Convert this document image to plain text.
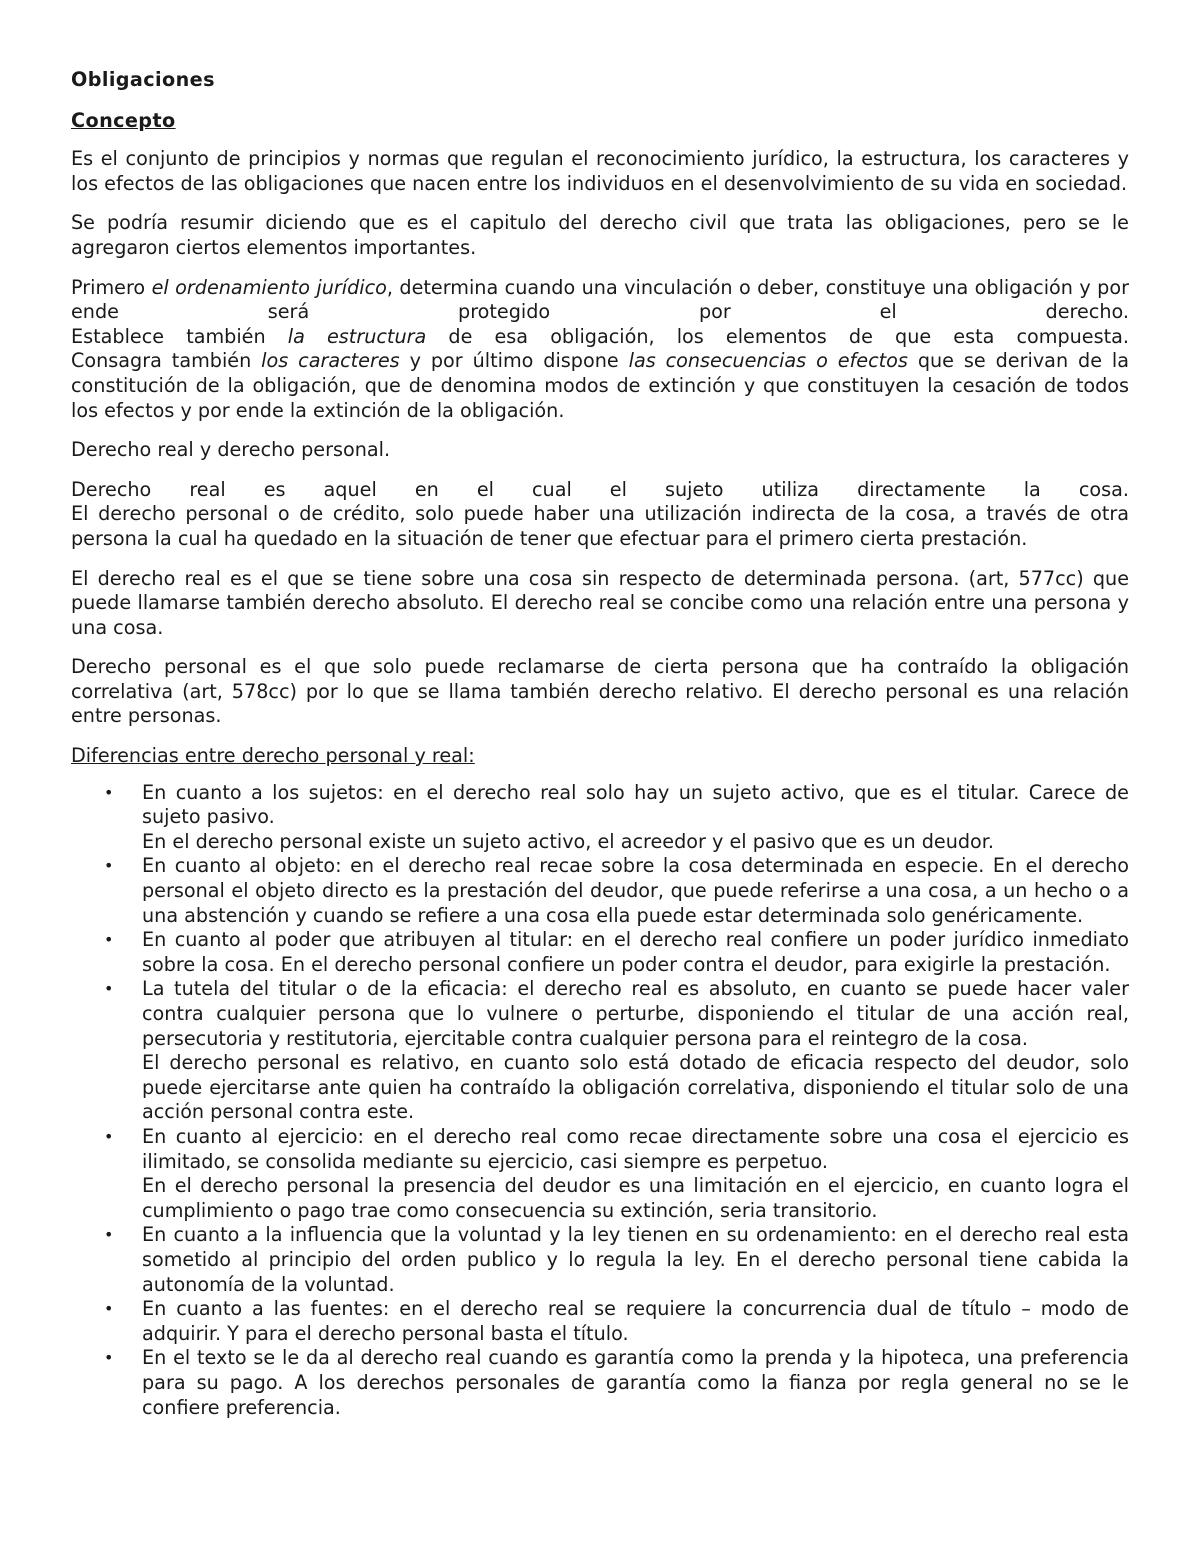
Obligaciones
Concepto

Es el conjunto de principios y normas que regulan el reconocimiento jurídico, la estructura, los caracteres y los efectos de las obligaciones que nacen entre los individuos en el desenvolvimiento de su vida en sociedad.

Se podría resumir diciendo que es el capitulo del derecho civil que trata las obligaciones, pero se le agregaron ciertos elementos importantes.

Primero el ordenamiento jurídico, determina cuando una vinculación o deber, constituye una obligación y por ende será protegido por el derecho.

Establece también la estructura de esa obligación, los elementos de que esta compuesta.

Consagra también los caracteres y por último dispone las consecuencias o efectos que se derivan de la constitución de la obligación, que de denomina modos de extinción y que constituyen la cesación de todos los efectos y por ende la extinción de la obligación.

Derecho real y derecho personal.

Derecho real es aquel en el cual el sujeto utiliza directamente la cosa.

El derecho personal o de crédito, solo puede haber una utilización indirecta de la cosa, a través de otra persona la cual ha quedado en la situación de tener que efectuar para el primero cierta prestación.

El derecho real es el que se tiene sobre una cosa sin respecto de determinada persona. (art, 577cc) que puede llamarse también derecho absoluto. El derecho real se concibe como una relación entre una persona y una cosa.

Derecho personal es el que solo puede reclamarse de cierta persona que ha contraído la obligación correlativa (art, 578cc) por lo que se llama también derecho relativo. El derecho personal es una relación entre personas.

Diferencias entre derecho personal y real:
• En cuanto a los sujetos: en el derecho real solo hay un sujeto activo, que es el titular. Carece de sujeto pasivo.
En el derecho personal existe un sujeto activo, el acreedor y el pasivo que es un deudor.
• En cuanto al objeto: en el derecho real recae sobre la cosa determinada en especie. En el derecho personal el objeto directo es la prestación del deudor, que puede referirse a una cosa, a un hecho o a una abstención y cuando se refiere a una cosa ella puede estar determinada solo genéricamente.
• En cuanto al poder que atribuyen al titular: en el derecho real confiere un poder jurídico inmediato sobre la cosa. En el derecho personal confiere un poder contra el deudor, para exigirle la prestación.
• La tutela del titular o de la eficacia: el derecho real es absoluto, en cuanto se puede hacer valer contra cualquier persona que lo vulnere o perturbe, disponiendo el titular de una acción real, persecutoria y restitutoria, ejercitable contra cualquier persona para el reintegro de la cosa.
El derecho personal es relativo, en cuanto solo está dotado de eficacia respecto del deudor, solo puede ejercitarse ante quien ha contraído la obligación correlativa, disponiendo el titular solo de una acción personal contra este.
• En cuanto al ejercicio: en el derecho real como recae directamente sobre una cosa el ejercicio es ilimitado, se consolida mediante su ejercicio, casi siempre es perpetuo.
En el derecho personal la presencia del deudor es una limitación en el ejercicio, en cuanto logra el cumplimiento o pago trae como consecuencia su extinción, seria transitorio.
• En cuanto a la influencia que la voluntad y la ley tienen en su ordenamiento: en el derecho real esta sometido al principio del orden publico y lo regula la ley. En el derecho personal tiene cabida la autonomía de la voluntad.
• En cuanto a las fuentes: en el derecho real se requiere la concurrencia dual de título – modo de adquirir. Y para el derecho personal basta el título.
• En el texto se le da al derecho real cuando es garantía como la prenda y la hipoteca, una preferencia para su pago. A los derechos personales de garantía como la fianza por regla general no se le confiere preferencia.
